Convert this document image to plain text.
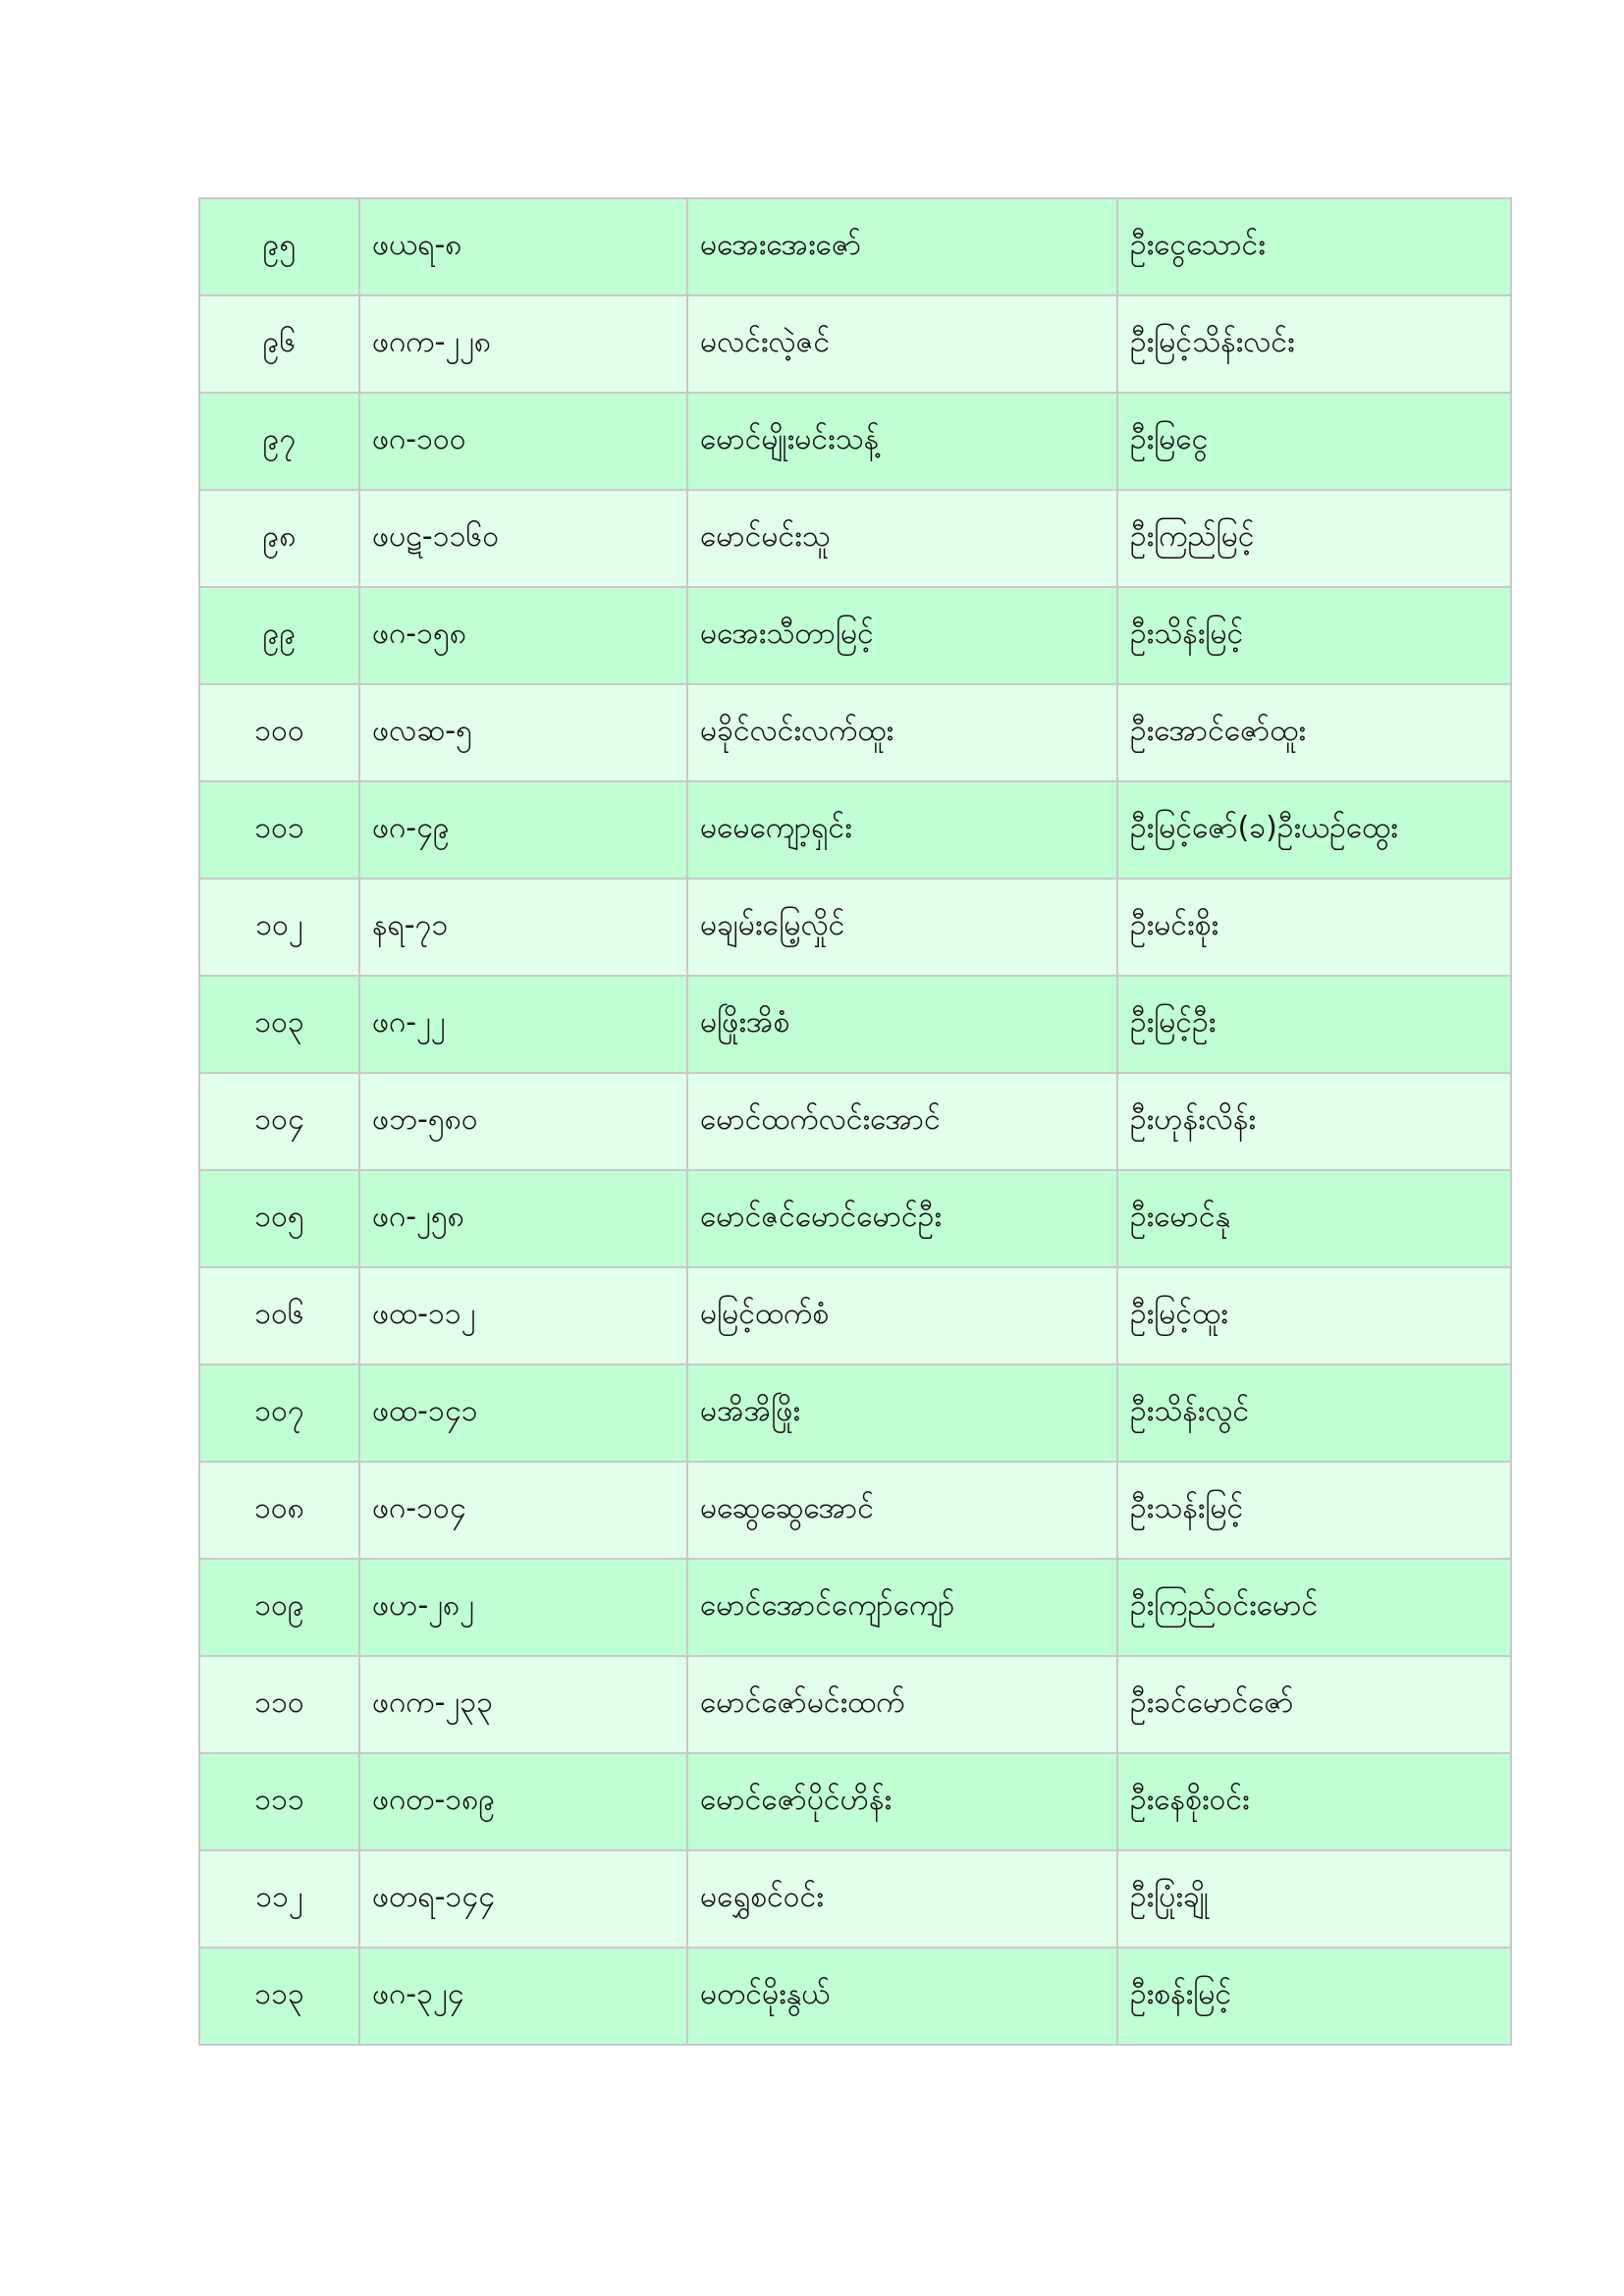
၉၅	ဖယရ-၈	မအေးအေးဇော်	ဦးငွေသောင်း
၉၆	ဖဂက-၂၂၈	မလင်းလဲ့ဇင်	ဦးမြင့်သိန်းလင်း
၉၇	ဖဂ-၁၀၀	မောင်မျိုးမင်းသန့်	ဦးမြငွေ
၉၈	ဖပဋ-၁၁၆၀	မောင်မင်းသူ	ဦးကြည်မြင့်
၉၉	ဖဂ-၁၅၈	မအေးသီတာမြင့်	ဦးသိန်းမြင့်
၁၀၀	ဖလဆ-၅	မခိုင်လင်းလက်ထူး	ဦးအောင်ဇော်ထူး
၁၀၁	ဖဂ-၄၉	မမေကျော့ရှင်း	ဦးမြင့်ဇော်(ခ)ဦးယဉ်ထွေး
၁၀၂	နရ-၇၁	မချမ်းမြေ့လှိုင်	ဦးမင်းစိုး
၁၀၃	ဖဂ-၂၂	မဖြိုးအိစံ	ဦးမြင့်ဦး
၁၀၄	ဖဘ-၅၈၀	မောင်ထက်လင်းအောင်	ဦးဟုန်းလိန်း
၁၀၅	ဖဂ-၂၅၈	မောင်ဇင်မောင်မောင်ဦး	ဦးမောင်နု
၁၀၆	ဖထ-၁၁၂	မမြင့်ထက်စံ	ဦးမြင့်ထူး
၁၀၇	ဖထ-၁၄၁	မအိအိဖြိုး	ဦးသိန်းလွင်
၁၀၈	ဖဂ-၁၀၄	မဆွေဆွေအောင်	ဦးသန်းမြင့်
၁၀၉	ဖဟ-၂၈၂	မောင်အောင်ကျော်ကျော်	ဦးကြည်ဝင်းမောင်
၁၁၀	ဖဂက-၂၃၃	မောင်ဇော်မင်းထက်	ဦးခင်မောင်ဇော်
၁၁၁	ဖဂတ-၁၈၉	မောင်ဇော်ပိုင်ဟိန်း	ဦးနေစိုးဝင်း
၁၁၂	ဖတရ-၁၄၄	မရွှေစင်ဝင်း	ဦးပြုံးချို
၁၁၃	ဖဂ-၃၂၄	မတင်မိုးနွယ်	ဦးစန်းမြင့်
